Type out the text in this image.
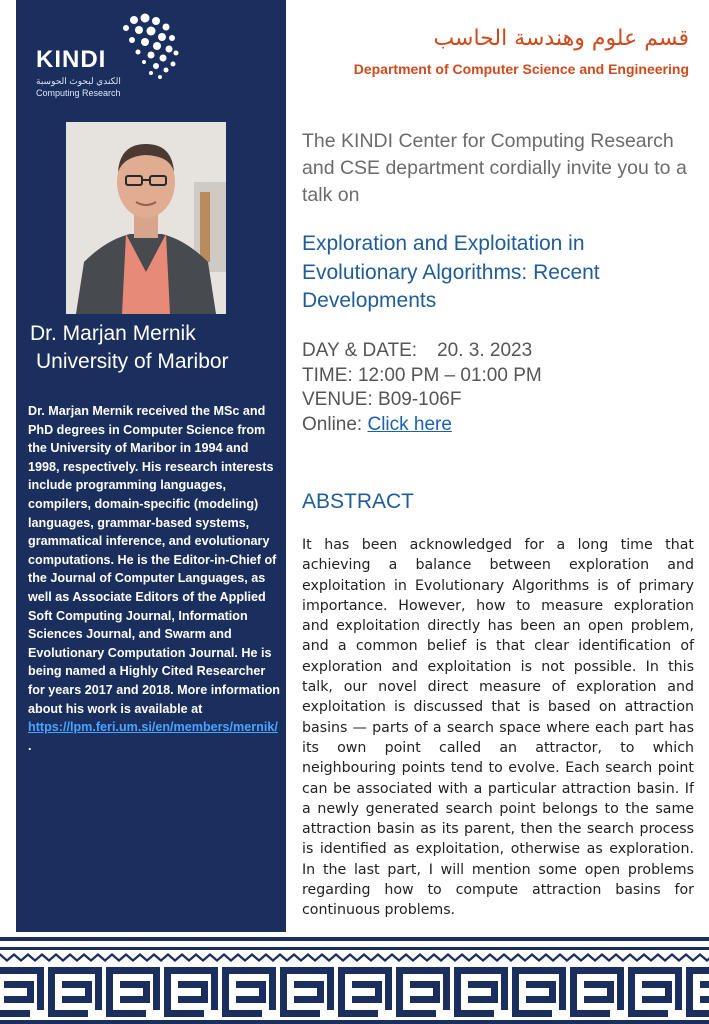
KINDI
الكندي لبحوث الحوسبة
Computing Research
Dr. Marjan Mernik
University of Maribor
Dr. Marjan Mernik received the MSc and PhD degrees in Computer Science from the University of Maribor in 1994 and 1998, respectively. His research interests include programming languages, compilers, domain-specific (modeling) languages, grammar-based systems, grammatical inference, and evolutionary computations. He is the Editor-in-Chief of the Journal of Computer Languages, as well as Associate Editors of the Applied Soft Computing Journal, Information Sciences Journal, and Swarm and Evolutionary Computation Journal. He is being named a Highly Cited Researcher for years 2017 and 2018. More information about his work is available at https://lpm.feri.um.si/en/members/mernik/
.
قسم علوم وهندسة الحاسب
Department of Computer Science and Engineering
The KINDI Center for Computing Research and CSE department cordially invite you to a talk on
Exploration and Exploitation in Evolutionary Algorithms: Recent Developments
DAY & DATE: 20. 3. 2023
TIME: 12:00 PM – 01:00 PM
VENUE: B09-106F
Online: Click here
ABSTRACT
It has been acknowledged for a long time that achieving a balance between exploration and exploitation in Evolutionary Algorithms is of primary importance. However, how to measure exploration and exploitation directly has been an open problem, and a common belief is that clear identification of exploration and exploitation is not possible. In this talk, our novel direct measure of exploration and exploitation is discussed that is based on attraction basins — parts of a search space where each part has its own point called an attractor, to which neighbouring points tend to evolve. Each search point can be associated with a particular attraction basin. If a newly generated search point belongs to the same attraction basin as its parent, then the search process is identified as exploitation, otherwise as exploration. In the last part, I will mention some open problems regarding how to compute attraction basins for continuous problems.
